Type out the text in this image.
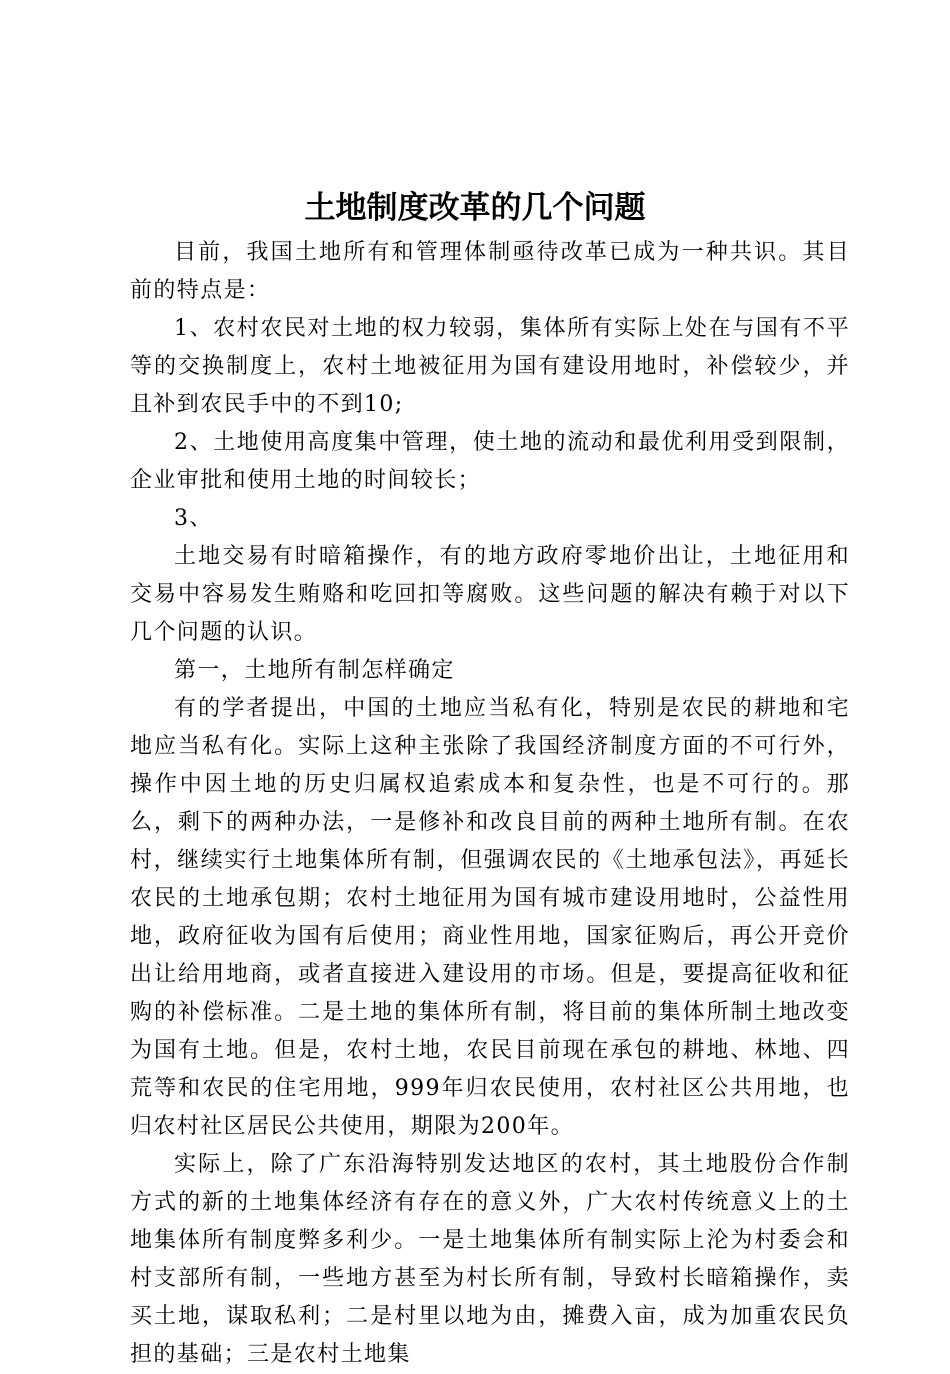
土地制度改革的几个问题

目前，我国土地所有和管理体制亟待改革已成为一种共识。其目前的特点是：

1、农村农民对土地的权力较弱，集体所有实际上处在与国有不平等的交换制度上，农村土地被征用为国有建设用地时，补偿较少，并且补到农民手中的不到10;

2、土地使用高度集中管理，使土地的流动和最优利用受到限制，企业审批和使用土地的时间较长；

3、

土地交易有时暗箱操作，有的地方政府零地价出让，土地征用和交易中容易发生贿赂和吃回扣等腐败。这些问题的解决有赖于对以下几个问题的认识。

第一，土地所有制怎样确定

有的学者提出，中国的土地应当私有化，特别是农民的耕地和宅地应当私有化。实际上这种主张除了我国经济制度方面的不可行外，操作中因土地的历史归属权追索成本和复杂性，也是不可行的。那么，剩下的两种办法，一是修补和改良目前的两种土地所有制。在农村，继续实行土地集体所有制，但强调农民的《土地承包法》，再延长农民的土地承包期；农村土地征用为国有城市建设用地时，公益性用地，政府征收为国有后使用；商业性用地，国家征购后，再公开竞价出让给用地商，或者直接进入建设用的市场。但是，要提高征收和征购的补偿标准。二是土地的集体所有制，将目前的集体所制土地改变为国有土地。但是，农村土地，农民目前现在承包的耕地、林地、四荒等和农民的住宅用地，999年归农民使用，农村社区公共用地，也归农村社区居民公共使用，期限为200年。

实际上，除了广东沿海特别发达地区的农村，其土地股份合作制方式的新的土地集体经济有存在的意义外，广大农村传统意义上的土地集体所有制度弊多利少。一是土地集体所有制实际上沦为村委会和村支部所有制，一些地方甚至为村长所有制，导致村长暗箱操作，卖买土地，谋取私利；二是村里以地为由，摊费入亩，成为加重农民负担的基础；三是农村土地集
